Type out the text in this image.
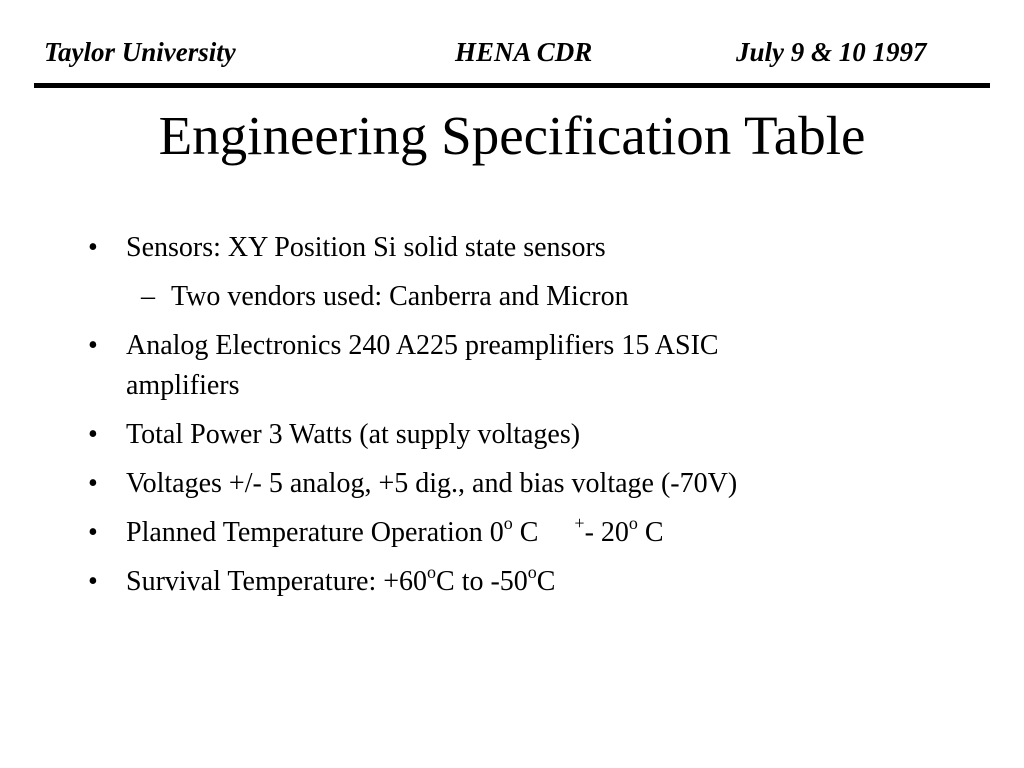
Taylor University	HENA CDR	July 9 & 10 1997
Engineering Specification Table
• Sensors: XY Position Si solid state sensors
– Two vendors used: Canberra and Micron
• Analog Electronics 240 A225 preamplifiers 15 ASIC
amplifiers
• Total Power 3 Watts (at supply voltages)
• Voltages +/- 5 analog, +5 dig., and bias voltage (-70V)
• Planned Temperature Operation 0$^o$ C +- 20$^o$ C
• Survival Temperature: $+60^oC$ to -50$^o$C
